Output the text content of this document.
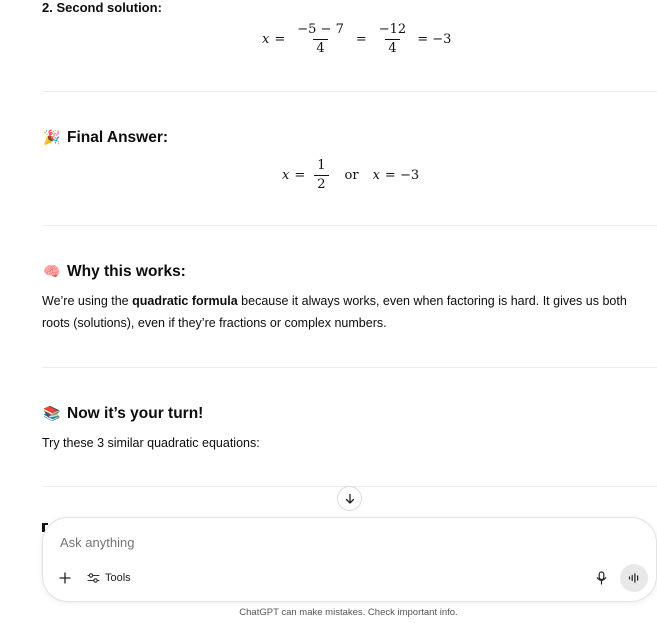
2. Second solution:
$x = \frac{-5 - 7}{4} = \frac{-12}{4} = -3$
🎉 Final Answer:
$x = \frac{1}{2}$ or x = −3
🧠 Why this works:
We’re using the quadratic formula because it always works, even when factoring is hard. It gives us both roots (solutions), even if they’re fractions or complex numbers.
📚 Now it’s your turn!
Try these 3 similar quadratic equations:
Ask anything
Tools
ChatGPT can make mistakes. Check important info.
